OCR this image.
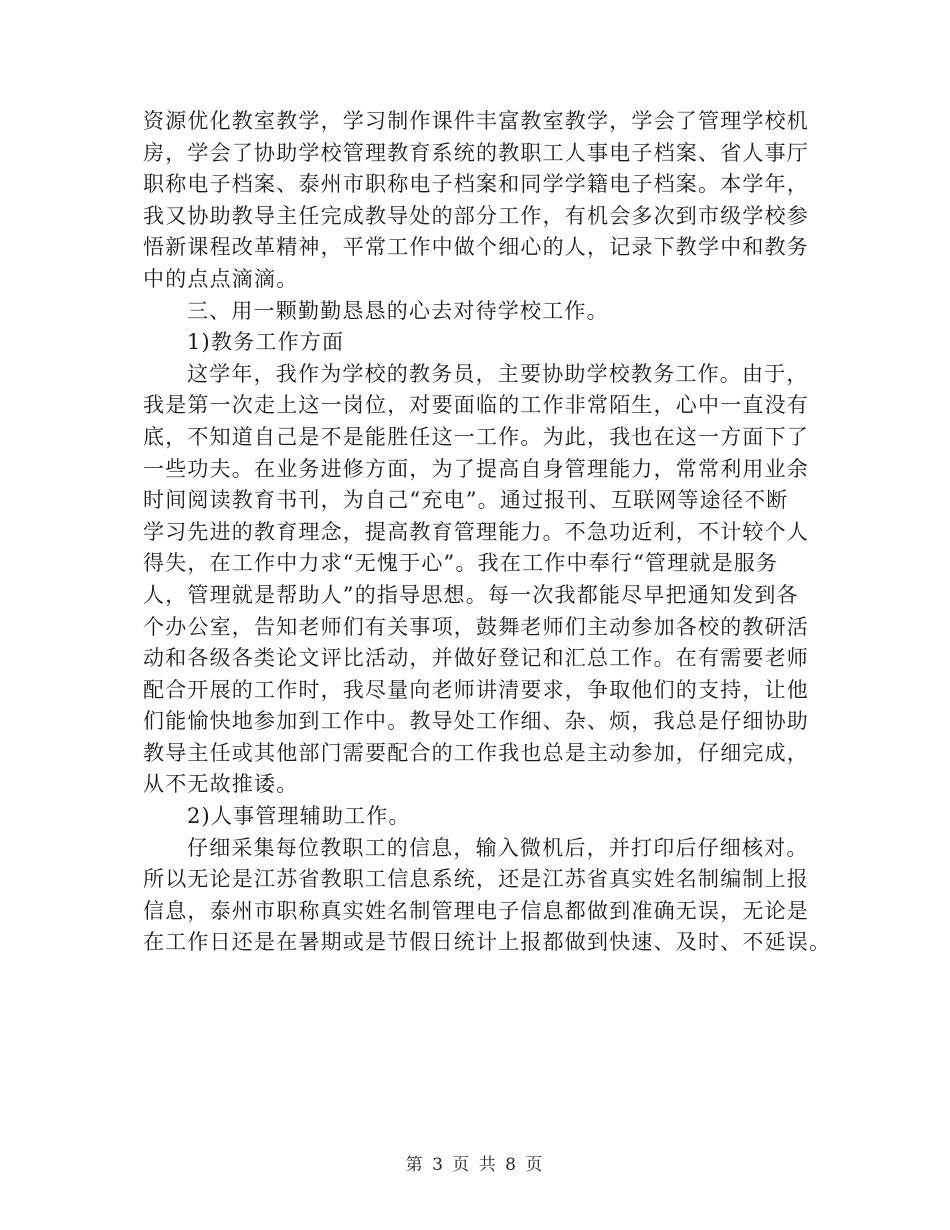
资源优化教室教学，学习制作课件丰富教室教学，学会了管理学校机
房，学会了协助学校管理教育系统的教职工人事电子档案、省人事厅
职称电子档案、泰州市职称电子档案和同学学籍电子档案。本学年，
我又协助教导主任完成教导处的部分工作，有机会多次到市级学校参
悟新课程改革精神，平常工作中做个细心的人，记录下教学中和教务
中的点点滴滴。
三、用一颗勤勤恳恳的心去对待学校工作。
1)教务工作方面
这学年，我作为学校的教务员，主要协助学校教务工作。由于，
我是第一次走上这一岗位，对要面临的工作非常陌生，心中一直没有
底，不知道自己是不是能胜任这一工作。为此，我也在这一方面下了
一些功夫。在业务进修方面，为了提高自身管理能力，常常利用业余
时间阅读教育书刊，为自己“充电”。通过报刊、互联网等途径不断
学习先进的教育理念，提高教育管理能力。不急功近利，不计较个人
得失，在工作中力求“无愧于心”。我在工作中奉行“管理就是服务
人，管理就是帮助人”的指导思想。每一次我都能尽早把通知发到各
个办公室，告知老师们有关事项，鼓舞老师们主动参加各校的教研活
动和各级各类论文评比活动，并做好登记和汇总工作。在有需要老师
配合开展的工作时，我尽量向老师讲清要求，争取他们的支持，让他
们能愉快地参加到工作中。教导处工作细、杂、烦，我总是仔细协助
教导主任或其他部门需要配合的工作我也总是主动参加，仔细完成，
从不无故推诿。
2)人事管理辅助工作。
仔细采集每位教职工的信息，输入微机后，并打印后仔细核对。
所以无论是江苏省教职工信息系统，还是江苏省真实姓名制编制上报
信息，泰州市职称真实姓名制管理电子信息都做到准确无误，无论是
在工作日还是在暑期或是节假日统计上报都做到快速、及时、不延误。
第 3 页 共 8 页
